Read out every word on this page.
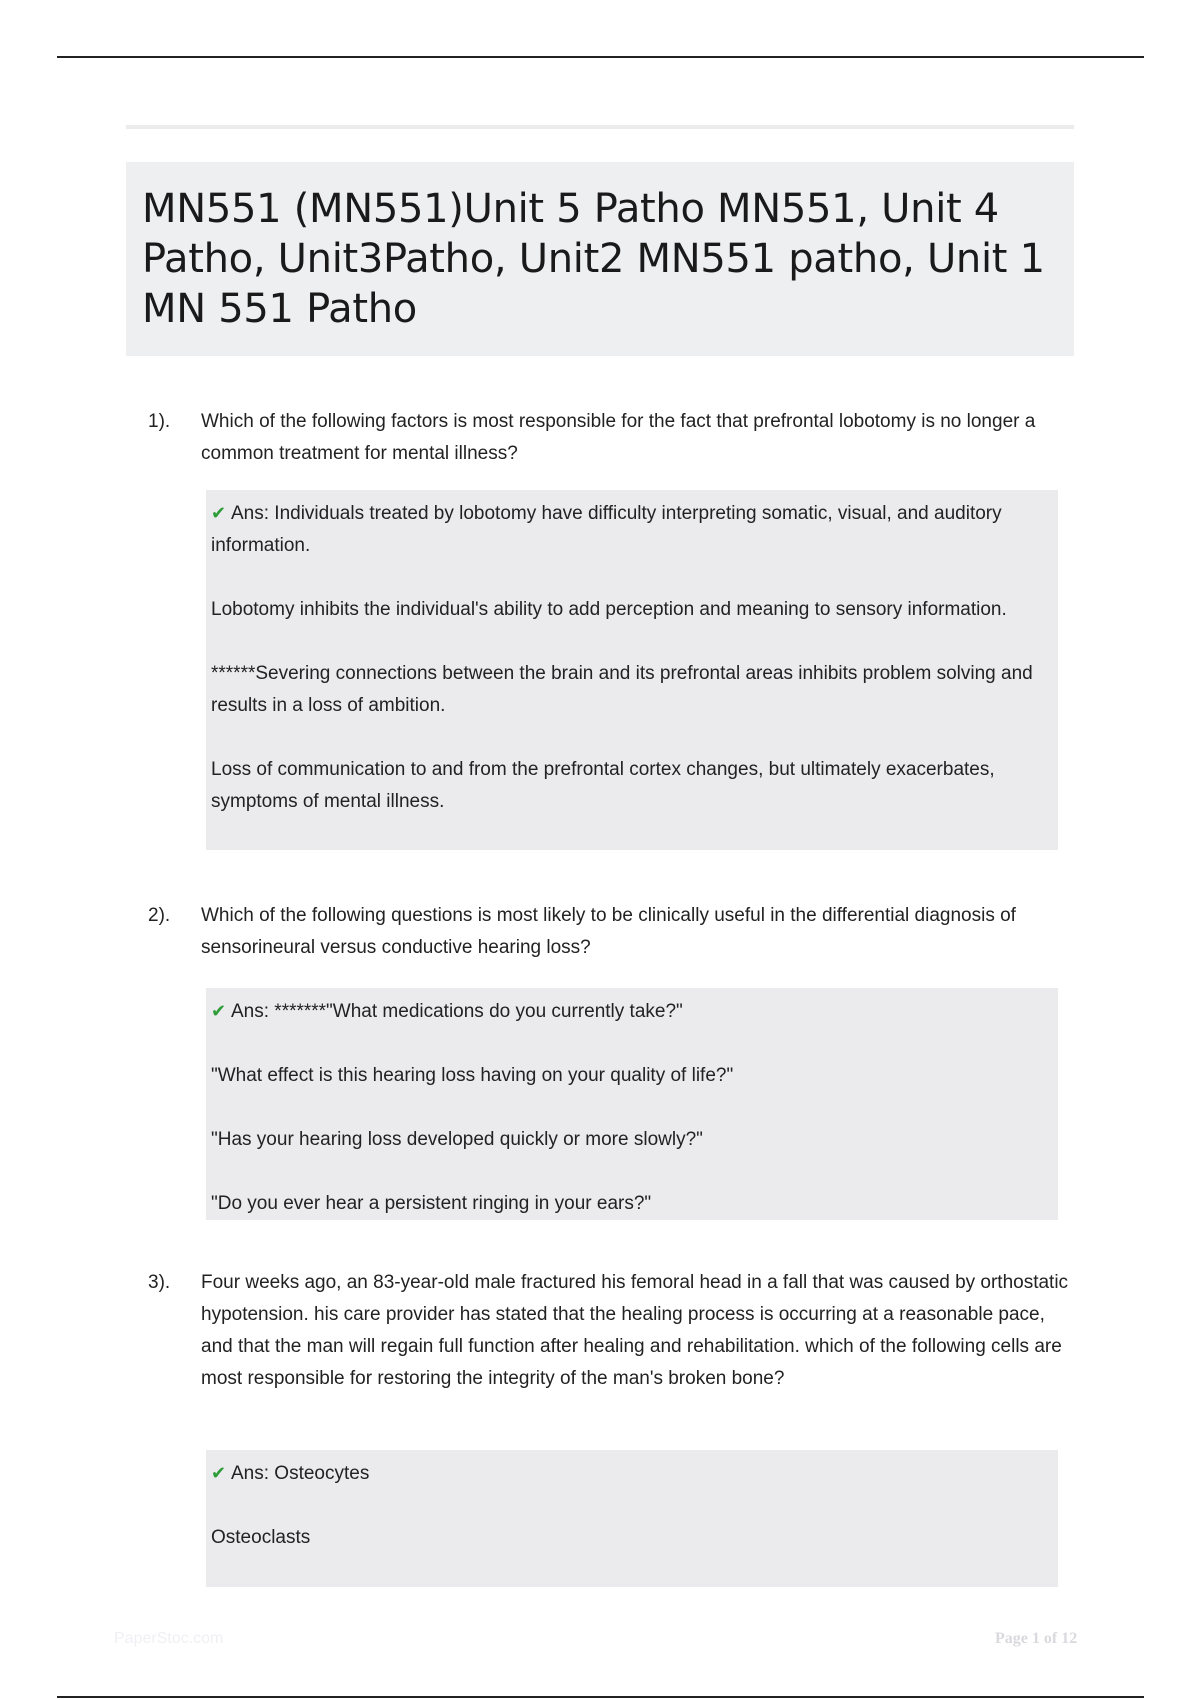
MN551 (MN551)Unit 5 Patho MN551, Unit 4 Patho, Unit3Patho, Unit2 MN551 patho, Unit 1 MN 551 Patho
1). Which of the following factors is most responsible for the fact that prefrontal lobotomy is no longer a common treatment for mental illness?

✔ Ans: Individuals treated by lobotomy have difficulty interpreting somatic, visual, and auditory information.

Lobotomy inhibits the individual's ability to add perception and meaning to sensory information.

******Severing connections between the brain and its prefrontal areas inhibits problem solving and results in a loss of ambition.

Loss of communication to and from the prefrontal cortex changes, but ultimately exacerbates, symptoms of mental illness.

2). Which of the following questions is most likely to be clinically useful in the differential diagnosis of sensorineural versus conductive hearing loss?

✔ Ans: *******"What medications do you currently take?"

"What effect is this hearing loss having on your quality of life?"

"Has your hearing loss developed quickly or more slowly?"

"Do you ever hear a persistent ringing in your ears?"

3). Four weeks ago, an 83-year-old male fractured his femoral head in a fall that was caused by orthostatic hypotension. his care provider has stated that the healing process is occurring at a reasonable pace, and that the man will regain full function after healing and rehabilitation. which of the following cells are most responsible for restoring the integrity of the man's broken bone?

✔ Ans: Osteocytes

Osteoclasts

PaperStoc.com	Page 1 of 12
